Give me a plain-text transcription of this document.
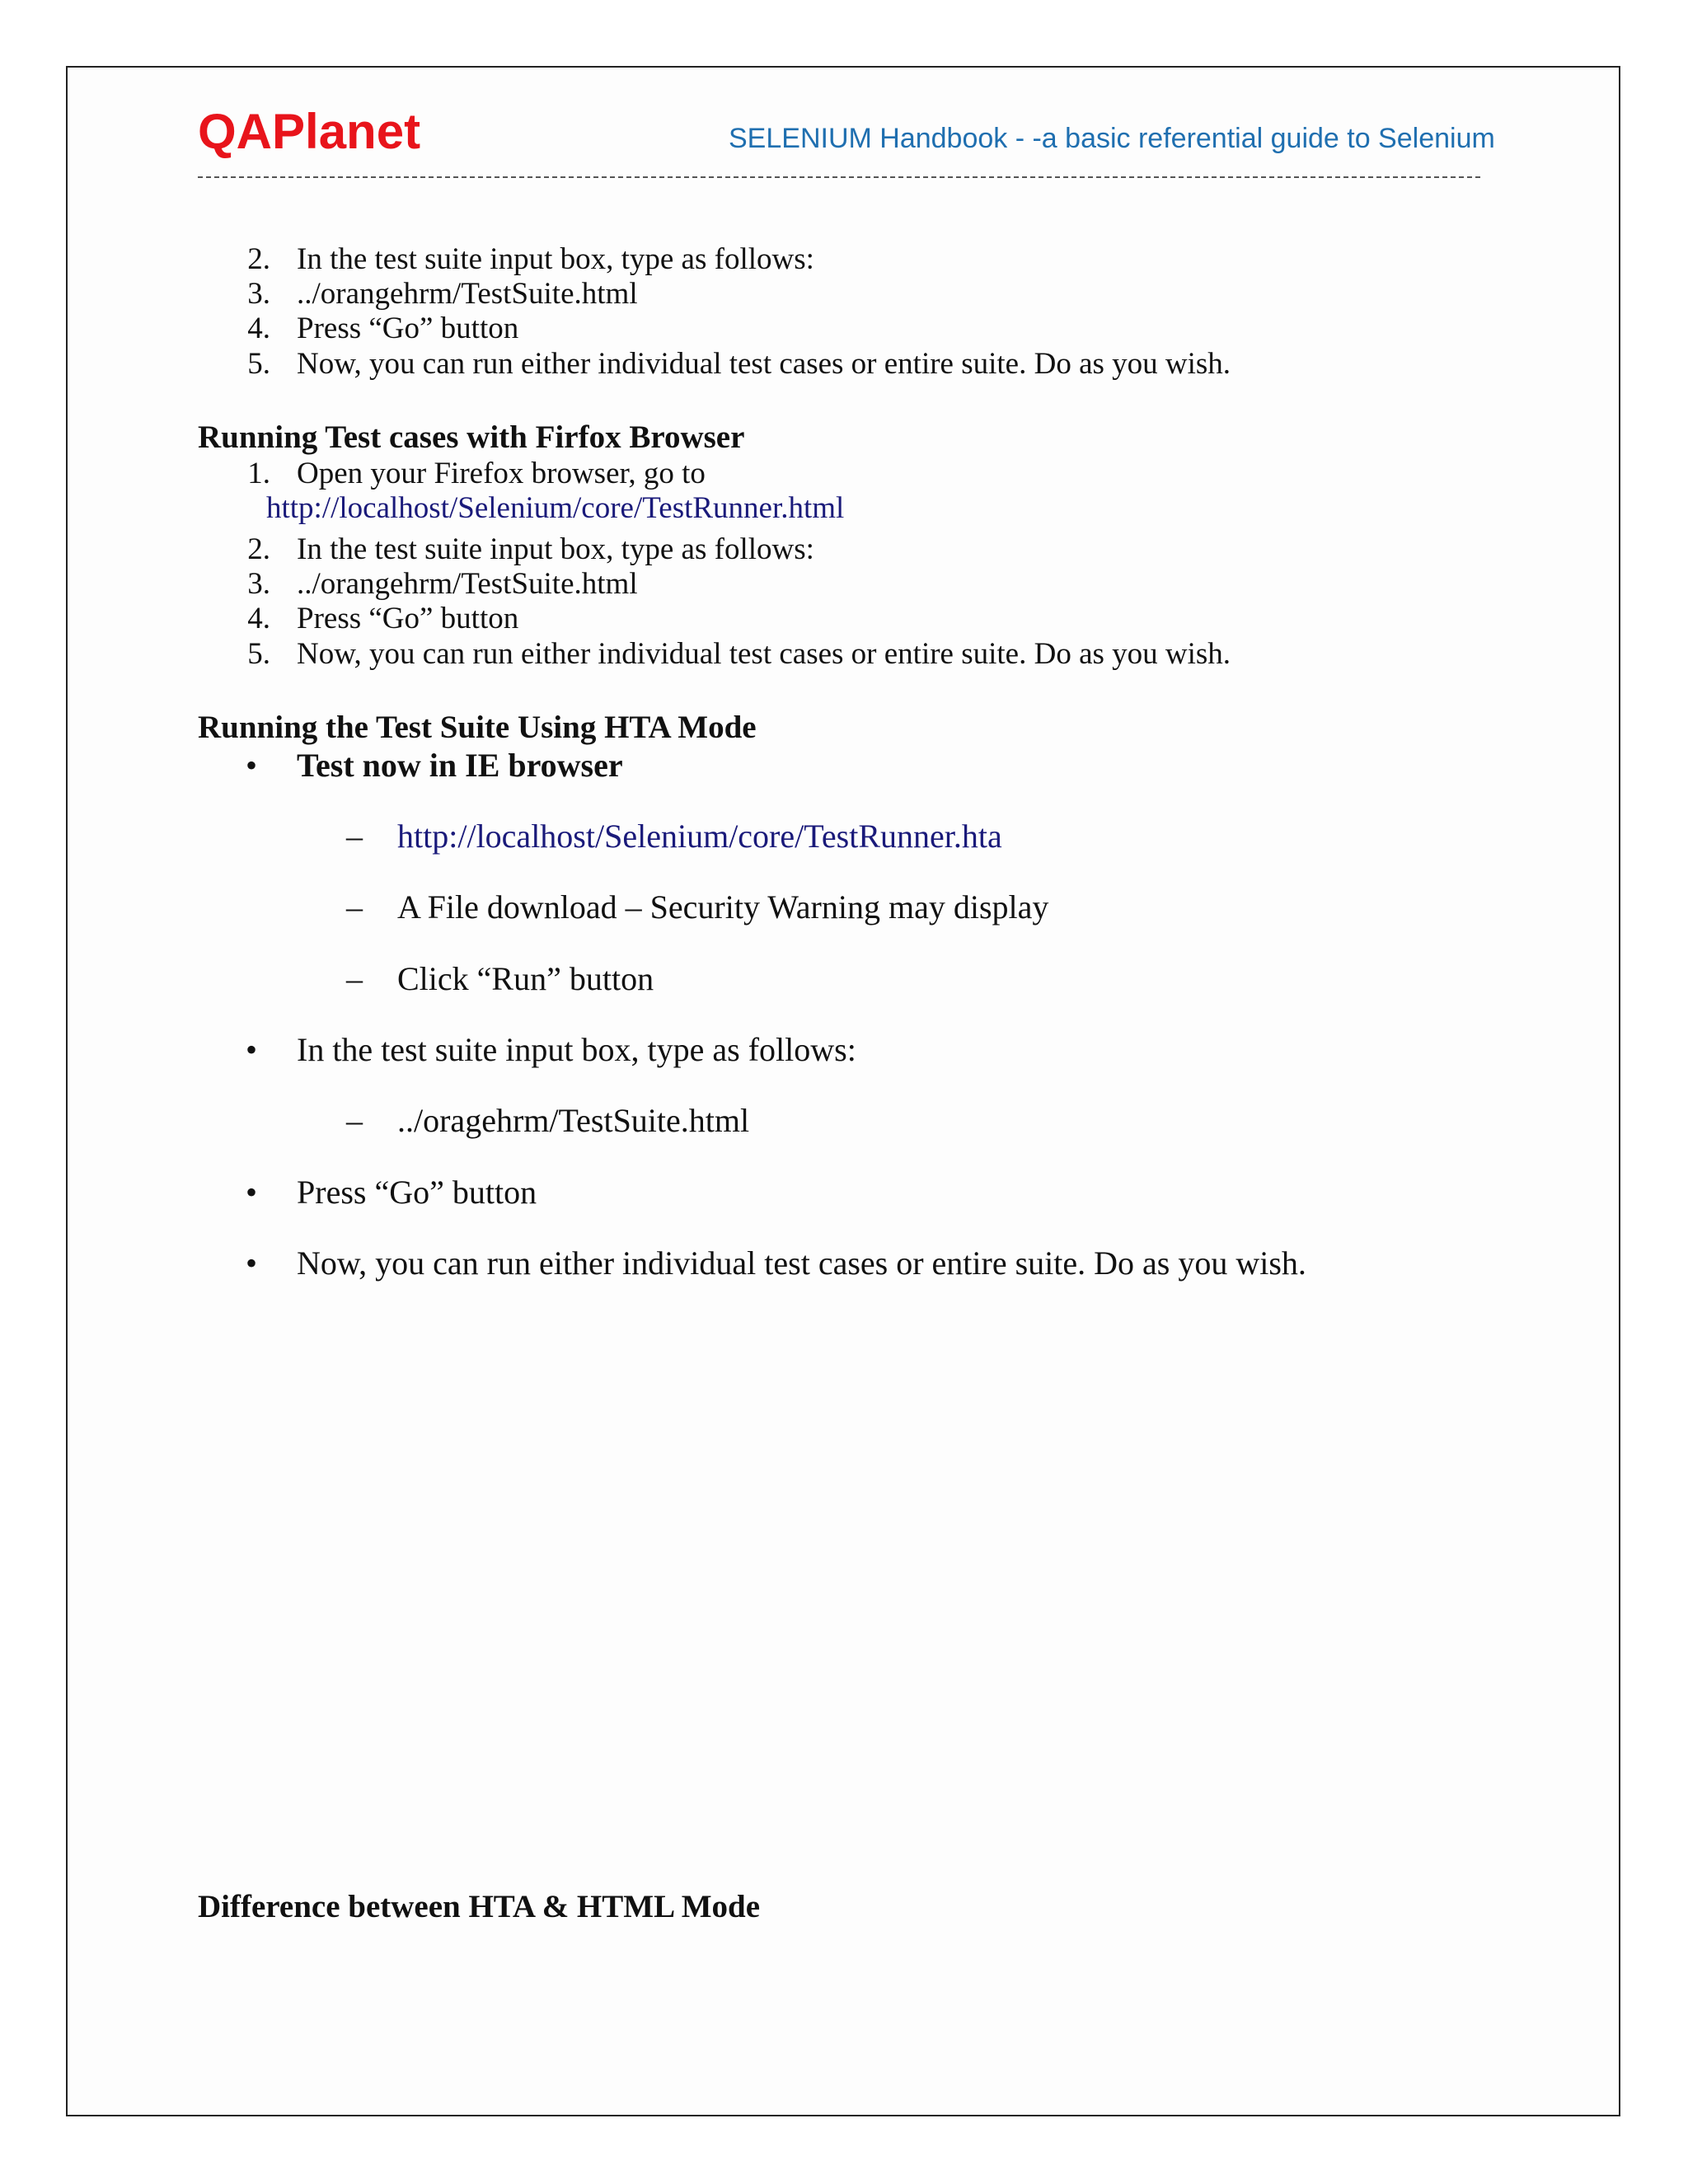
QAPlanet	SELENIUM Handbook - -a basic referential guide to Selenium
2. In the test suite input box, type as follows:
3. ../orangehrm/TestSuite.html
4. Press “Go” button
5. Now, you can run either individual test cases or entire suite. Do as you wish.
Running Test cases with Firfox Browser
1. Open your Firefox browser, go to
http://localhost/Selenium/core/TestRunner.html
2. In the test suite input box, type as follows:
3. ../orangehrm/TestSuite.html
4. Press “Go” button
5. Now, you can run either individual test cases or entire suite. Do as you wish.
Running the Test Suite Using HTA Mode
• Test now in IE browser
– http://localhost/Selenium/core/TestRunner.hta
– A File download – Security Warning may display
– Click “Run” button
• In the test suite input box, type as follows:
– ../oragehrm/TestSuite.html
• Press “Go” button
• Now, you can run either individual test cases or entire suite. Do as you wish.
Difference between HTA & HTML Mode
